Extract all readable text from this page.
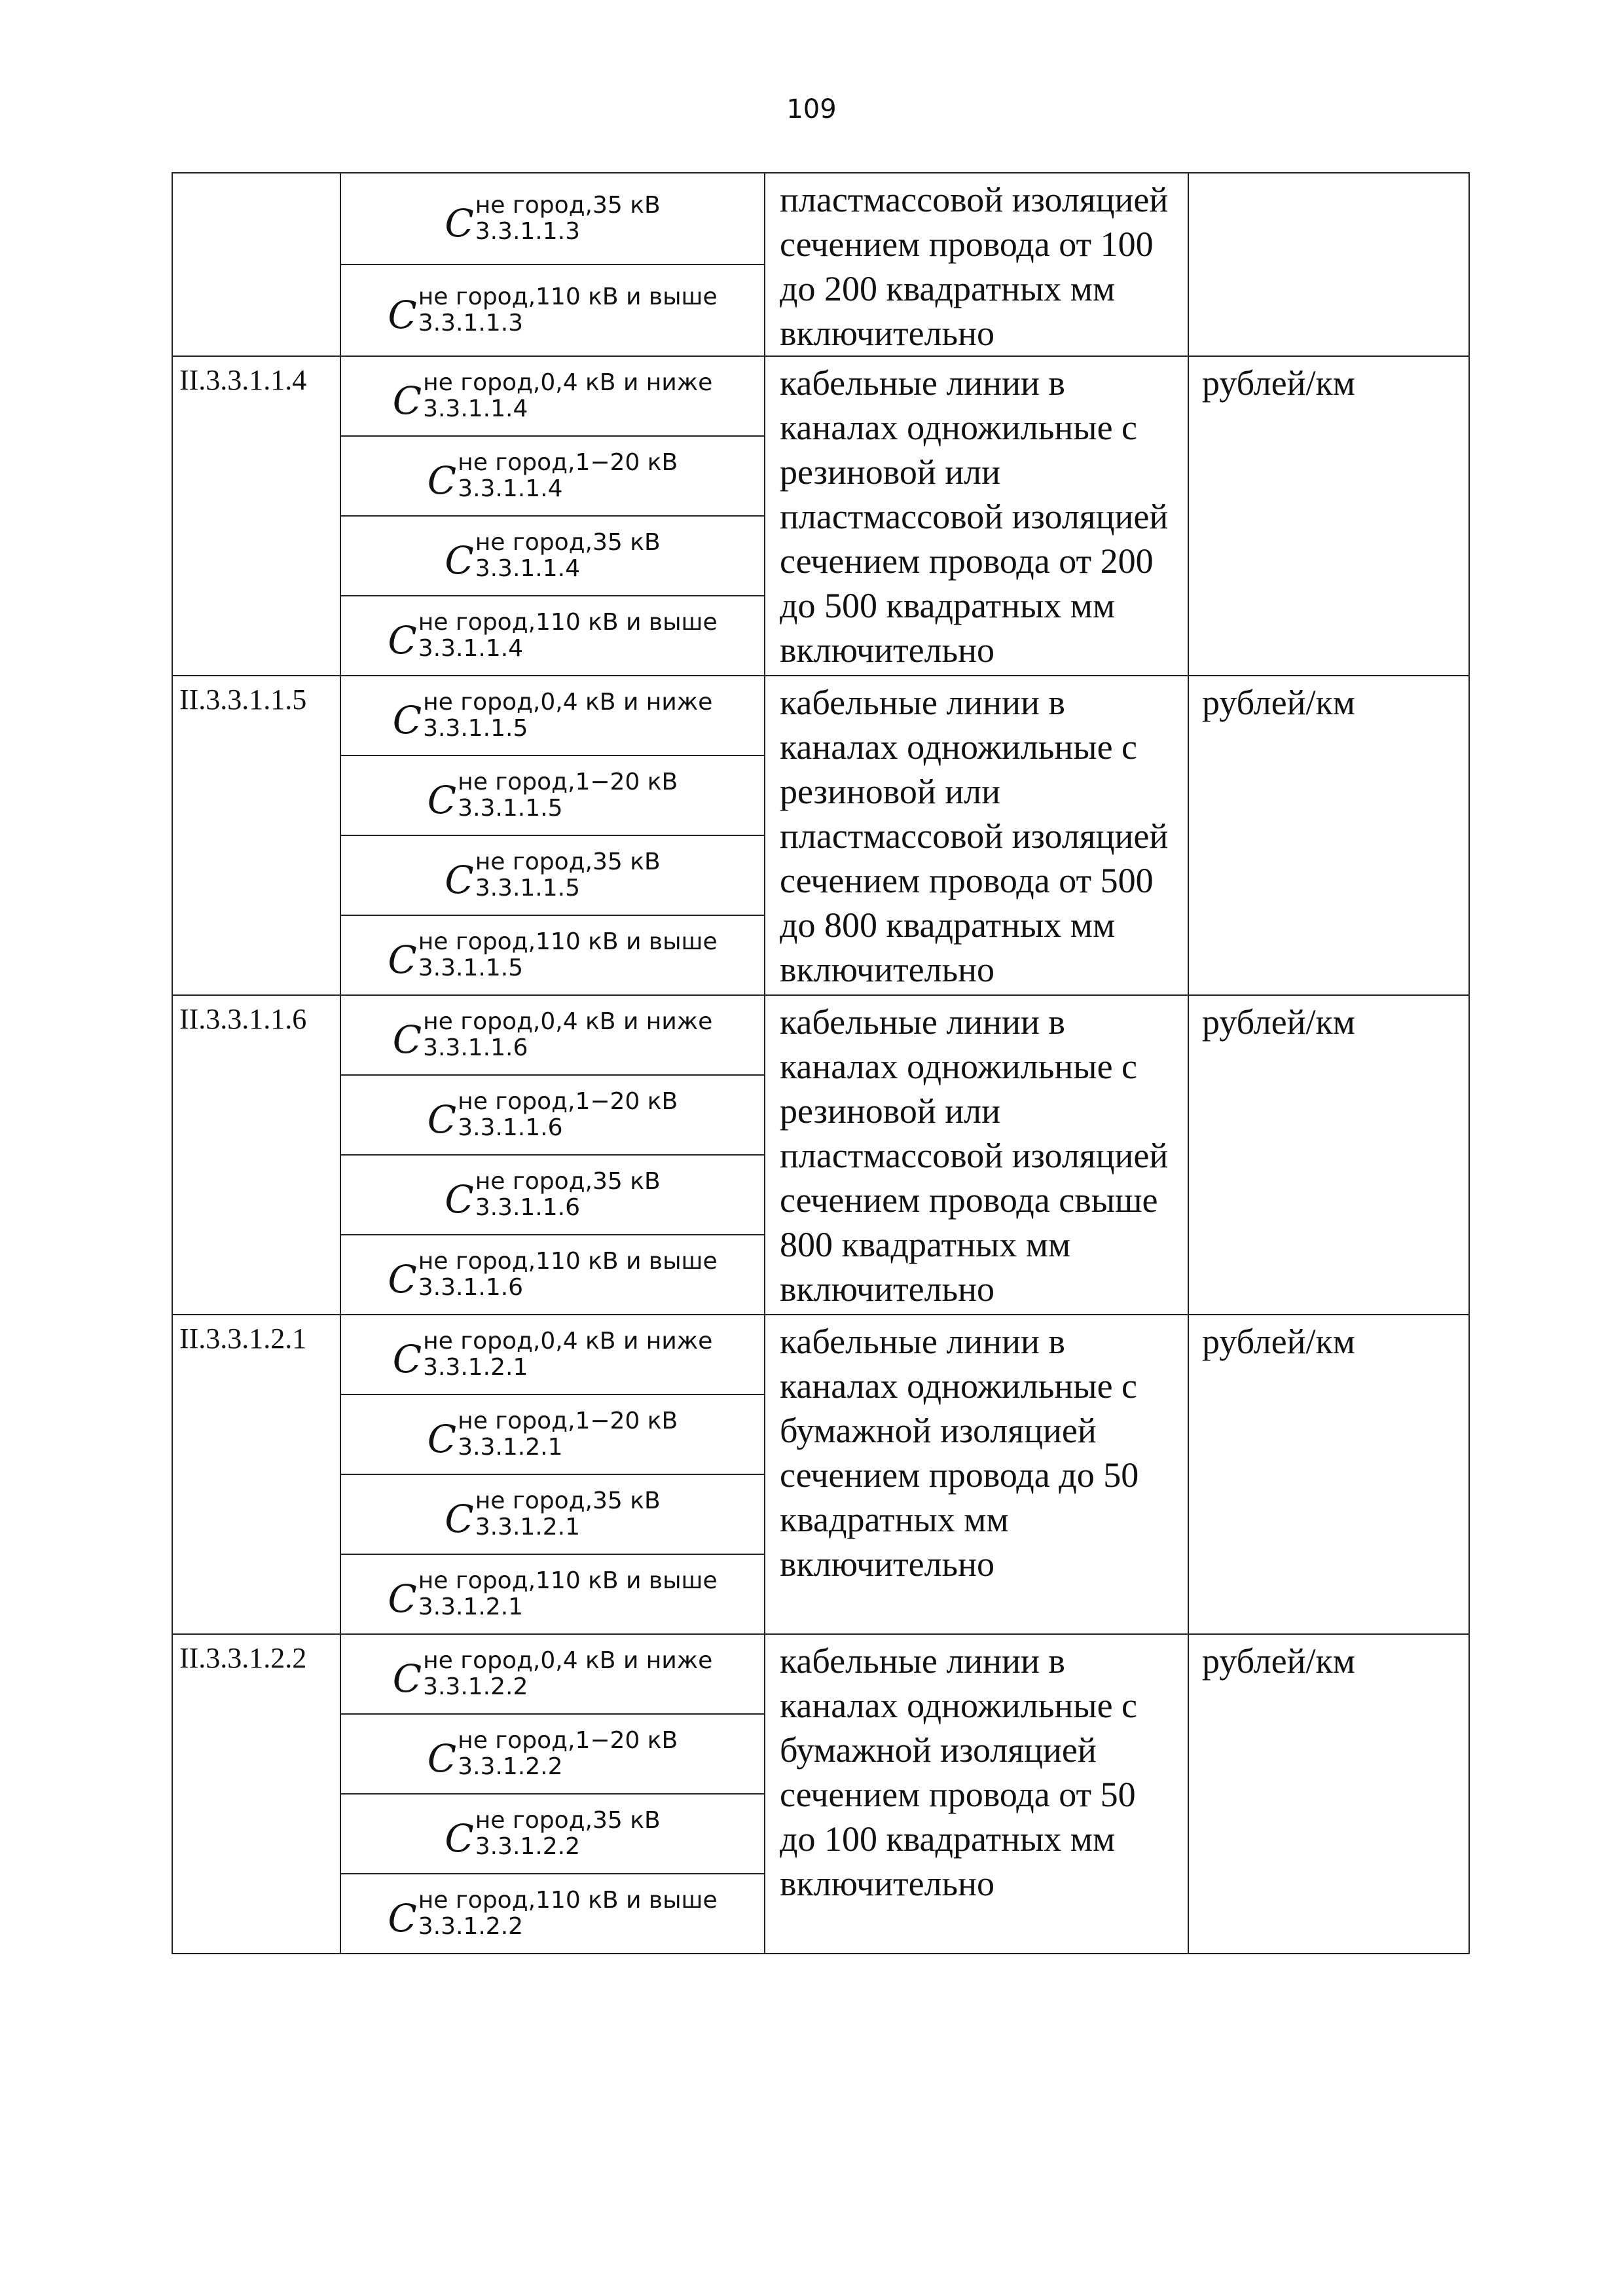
109

	C не город,35 кВ
3.3.1.1.3	пластмассовой изоляцией сечением провода от 100 до 200 квадратных мм включительно	

	C не город,110 кВ и выше
3.3.1.1.3		

II.3.3.1.1.4	C не город,0,4 кВ и ниже
3.3.1.1.4	кабельные линии в каналах одножильные с резиновой или пластмассовой изоляцией сечением провода от 200 до 500 квадратных мм включительно	рублей/км

	C не город,1−20 кВ
3.3.1.1.4		

	C не город,35 кВ
3.3.1.1.4		

	C не город,110 кВ и выше
3.3.1.1.4		

II.3.3.1.1.5	C не город,0,4 кВ и ниже
3.3.1.1.5	кабельные линии в каналах одножильные с резиновой или пластмассовой изоляцией сечением провода от 500 до 800 квадратных мм включительно	рублей/км

	C не город,1−20 кВ
3.3.1.1.5		

	C не город,35 кВ
3.3.1.1.5		

	C не город,110 кВ и выше
3.3.1.1.5		

II.3.3.1.1.6	C не город,0,4 кВ и ниже
3.3.1.1.6	кабельные линии в каналах одножильные с резиновой или пластмассовой изоляцией сечением провода свыше 800 квадратных мм включительно	рублей/км

	C не город,1−20 кВ
3.3.1.1.6		

	C не город,35 кВ
3.3.1.1.6		

	C не город,110 кВ и выше
3.3.1.1.6		

II.3.3.1.2.1	C не город,0,4 кВ и ниже
3.3.1.2.1	кабельные линии в каналах одножильные с бумажной изоляцией сечением провода до 50 квадратных мм включительно	рублей/км

	C не город,1−20 кВ
3.3.1.2.1		

	C не город,35 кВ
3.3.1.2.1		

	C не город,110 кВ и выше
3.3.1.2.1		

II.3.3.1.2.2	C не город,0,4 кВ и ниже
3.3.1.2.2	кабельные линии в каналах одножильные с бумажной изоляцией сечением провода от 50 до 100 квадратных мм включительно	рублей/км

	C не город,1−20 кВ
3.3.1.2.2		

	C не город,35 кВ
3.3.1.2.2		

	C не город,110 кВ и выше
3.3.1.2.2		
